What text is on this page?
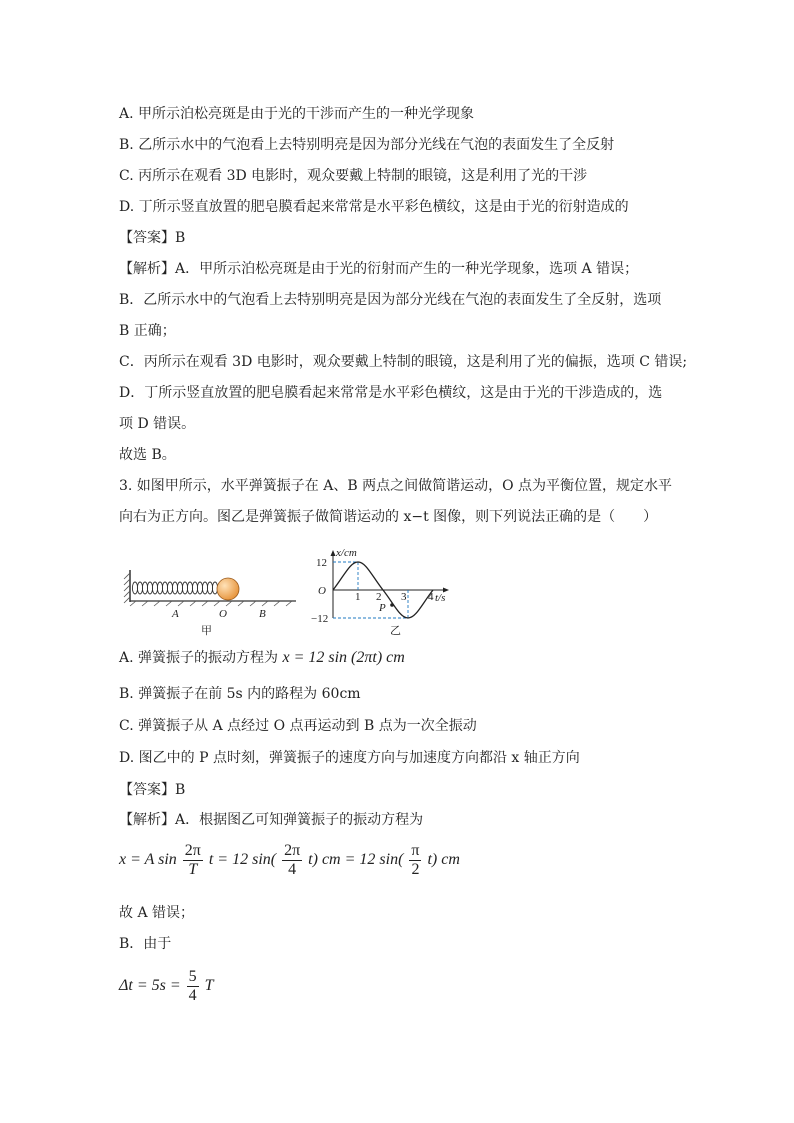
A. 甲所示泊松亮斑是由于光的干涉而产生的一种光学现象
B. 乙所示水中的气泡看上去特别明亮是因为部分光线在气泡的表面发生了全反射
C. 丙所示在观看 3D 电影时，观众要戴上特制的眼镜，这是利用了光的干涉
D. 丁所示竖直放置的肥皂膜看起来常常是水平彩色横纹，这是由于光的衍射造成的
【答案】B
【解析】A．甲所示泊松亮斑是由于光的衍射而产生的一种光学现象，选项 A 错误；
B．乙所示水中的气泡看上去特别明亮是因为部分光线在气泡的表面发生了全反射，选项
B 正确；
C．丙所示在观看 3D 电影时，观众要戴上特制的眼镜，这是利用了光的偏振，选项 C 错误;
D．丁所示竖直放置的肥皂膜看起来常常是水平彩色横纹，这是由于光的干涉造成的，选
项 D 错误。
故选 B。
3. 如图甲所示，水平弹簧振子在 A、B 两点之间做简谐运动，O 点为平衡位置，规定水平
向右为正方向。图乙是弹簧振子做简谐运动的 x−t 图像，则下列说法正确的是（　　）
A	O	B
甲
x/cm
t/s
O
12
−12
1 2 3 4
P
乙
A. 弹簧振子的振动方程为 x = 12 sin (2πt) cm
B. 弹簧振子在前 5s 内的路程为 60cm
C. 弹簧振子从 A 点经过 O 点再运动到 B 点为一次全振动
D. 图乙中的 P 点时刻，弹簧振子的速度方向与加速度方向都沿 x 轴正方向
【答案】B
【解析】A．根据图乙可知弹簧振子的振动方程为
x = A $\sin \frac{2\pi}{T}$ t = 12 $\sin( \frac{2\pi}{4} t)$ cm = 12 $\sin( \frac{\pi}{2} t)$ cm
故 A 错误；
B．由于
$\Delta t = 5s = \frac{5}{4}$ T
